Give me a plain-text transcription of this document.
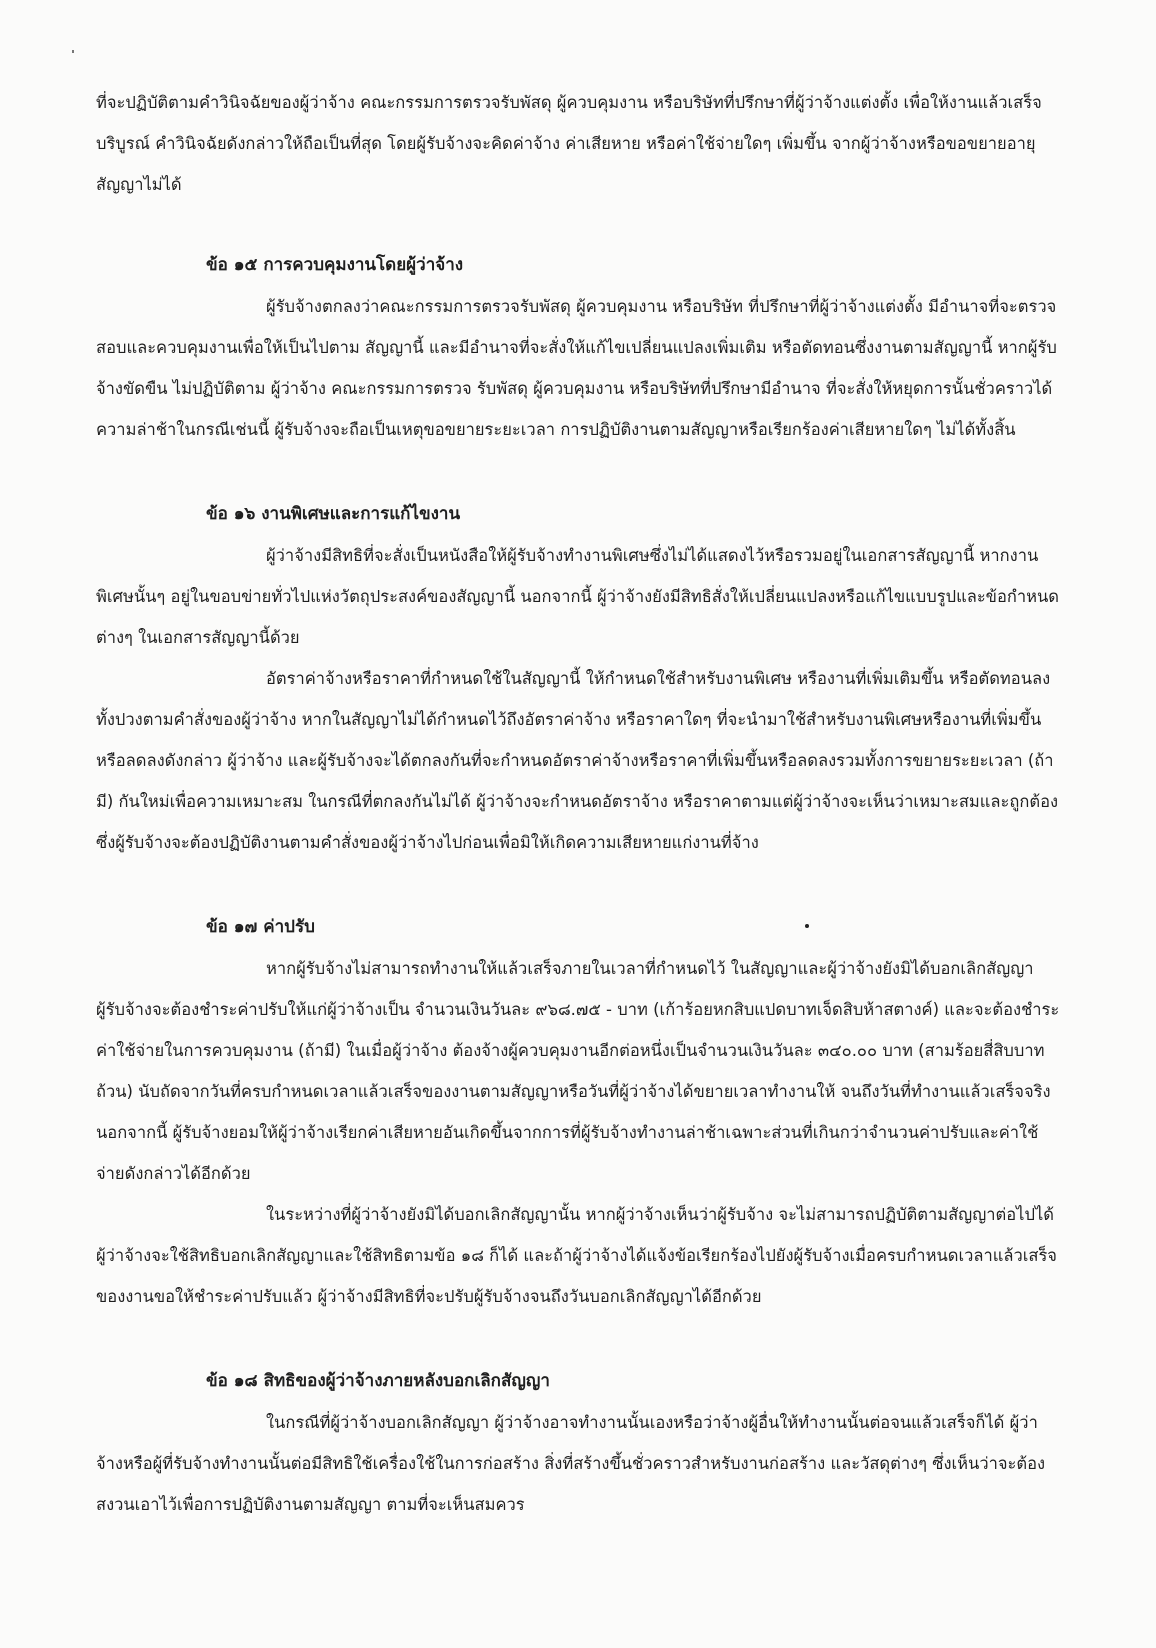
ที่จะปฏิบัติตามคำวินิจฉัยของผู้ว่าจ้าง คณะกรรมการตรวจรับพัสดุ ผู้ควบคุมงาน หรือบริษัทที่ปรึกษาที่ผู้ว่าจ้างแต่งตั้ง เพื่อให้งานแล้วเสร็จบริบูรณ์ คำวินิจฉัยดังกล่าวให้ถือเป็นที่สุด โดยผู้รับจ้างจะคิดค่าจ้าง ค่าเสียหาย หรือค่าใช้จ่ายใดๆ เพิ่มขึ้น จากผู้ว่าจ้างหรือขอขยายอายุสัญญาไม่ได้

ข้อ ๑๕ การควบคุมงานโดยผู้ว่าจ้าง

ผู้รับจ้างตกลงว่าคณะกรรมการตรวจรับพัสดุ ผู้ควบคุมงาน หรือบริษัท ที่ปรึกษาที่ผู้ว่าจ้างแต่งตั้ง มีอำนาจที่จะตรวจสอบและควบคุมงานเพื่อให้เป็นไปตาม สัญญานี้ และมีอำนาจที่จะสั่งให้แก้ไขเปลี่ยนแปลงเพิ่มเติม หรือตัดทอนซึ่งงานตามสัญญานี้ หากผู้รับจ้างขัดขืน ไม่ปฏิบัติตาม ผู้ว่าจ้าง คณะกรรมการตรวจ รับพัสดุ ผู้ควบคุมงาน หรือบริษัทที่ปรึกษามีอำนาจ ที่จะสั่งให้หยุดการนั้นชั่วคราวได้ ความล่าช้าในกรณีเช่นนี้ ผู้รับจ้างจะถือเป็นเหตุขอขยายระยะเวลา การปฏิบัติงานตามสัญญาหรือเรียกร้องค่าเสียหายใดๆ ไม่ได้ทั้งสิ้น

ข้อ ๑๖ งานพิเศษและการแก้ไขงาน

ผู้ว่าจ้างมีสิทธิที่จะสั่งเป็นหนังสือให้ผู้รับจ้างทำงานพิเศษซึ่งไม่ได้แสดงไว้หรือรวมอยู่ในเอกสารสัญญานี้ หากงานพิเศษนั้นๆ อยู่ในขอบข่ายทั่วไปแห่งวัตถุประสงค์ของสัญญานี้ นอกจากนี้ ผู้ว่าจ้างยังมีสิทธิสั่งให้เปลี่ยนแปลงหรือแก้ไขแบบรูปและข้อกำหนดต่างๆ ในเอกสารสัญญานี้ด้วย

อัตราค่าจ้างหรือราคาที่กำหนดใช้ในสัญญานี้ ให้กำหนดใช้สำหรับงานพิเศษ หรืองานที่เพิ่มเติมขึ้น หรือตัดทอนลงทั้งปวงตามคำสั่งของผู้ว่าจ้าง หากในสัญญาไม่ได้กำหนดไว้ถึงอัตราค่าจ้าง หรือราคาใดๆ ที่จะนำมาใช้สำหรับงานพิเศษหรืองานที่เพิ่มขึ้นหรือลดลงดังกล่าว ผู้ว่าจ้าง และผู้รับจ้างจะได้ตกลงกันที่จะกำหนดอัตราค่าจ้างหรือราคาที่เพิ่มขึ้นหรือลดลงรวมทั้งการขยายระยะเวลา (ถ้ามี) กันใหม่เพื่อความเหมาะสม ในกรณีที่ตกลงกันไม่ได้ ผู้ว่าจ้างจะกำหนดอัตราจ้าง หรือราคาตามแต่ผู้ว่าจ้างจะเห็นว่าเหมาะสมและถูกต้อง ซึ่งผู้รับจ้างจะต้องปฏิบัติงานตามคำสั่งของผู้ว่าจ้างไปก่อนเพื่อมิให้เกิดความเสียหายแก่งานที่จ้าง

ข้อ ๑๗ ค่าปรับ

หากผู้รับจ้างไม่สามารถทำงานให้แล้วเสร็จภายในเวลาที่กำหนดไว้ ในสัญญาและผู้ว่าจ้างยังมิได้บอกเลิกสัญญา ผู้รับจ้างจะต้องชำระค่าปรับให้แก่ผู้ว่าจ้างเป็น จำนวนเงินวันละ ๙๖๘.๗๕ - บาท (เก้าร้อยหกสิบแปดบาทเจ็ดสิบห้าสตางค์) และจะต้องชำระค่าใช้จ่ายในการควบคุมงาน (ถ้ามี) ในเมื่อผู้ว่าจ้าง ต้องจ้างผู้ควบคุมงานอีกต่อหนึ่งเป็นจำนวนเงินวันละ ๓๔๐.๐๐ บาท (สามร้อยสี่สิบบาทถ้วน) นับถัดจากวันที่ครบกำหนดเวลาแล้วเสร็จของงานตามสัญญาหรือวันที่ผู้ว่าจ้างได้ขยายเวลาทำงานให้ จนถึงวันที่ทำงานแล้วเสร็จจริง นอกจากนี้ ผู้รับจ้างยอมให้ผู้ว่าจ้างเรียกค่าเสียหายอันเกิดขึ้นจากการที่ผู้รับจ้างทำงานล่าช้าเฉพาะส่วนที่เกินกว่าจำนวนค่าปรับและค่าใช้จ่ายดังกล่าวได้อีกด้วย

ในระหว่างที่ผู้ว่าจ้างยังมิได้บอกเลิกสัญญานั้น หากผู้ว่าจ้างเห็นว่าผู้รับจ้าง จะไม่สามารถปฏิบัติตามสัญญาต่อไปได้ ผู้ว่าจ้างจะใช้สิทธิบอกเลิกสัญญาและใช้สิทธิตามข้อ ๑๘ ก็ได้ และถ้าผู้ว่าจ้างได้แจ้งข้อเรียกร้องไปยังผู้รับจ้างเมื่อครบกำหนดเวลาแล้วเสร็จของงานขอให้ชำระค่าปรับแล้ว ผู้ว่าจ้างมีสิทธิที่จะปรับผู้รับจ้างจนถึงวันบอกเลิกสัญญาได้อีกด้วย

ข้อ ๑๘ สิทธิของผู้ว่าจ้างภายหลังบอกเลิกสัญญา

ในกรณีที่ผู้ว่าจ้างบอกเลิกสัญญา ผู้ว่าจ้างอาจทำงานนั้นเองหรือว่าจ้างผู้อื่นให้ทำงานนั้นต่อจนแล้วเสร็จก็ได้ ผู้ว่าจ้างหรือผู้ที่รับจ้างทำงานนั้นต่อมีสิทธิใช้เครื่องใช้ในการก่อสร้าง สิ่งที่สร้างขึ้นชั่วคราวสำหรับงานก่อสร้าง และวัสดุต่างๆ ซึ่งเห็นว่าจะต้องสงวนเอาไว้เพื่อการปฏิบัติงานตามสัญญา ตามที่จะเห็นสมควร
